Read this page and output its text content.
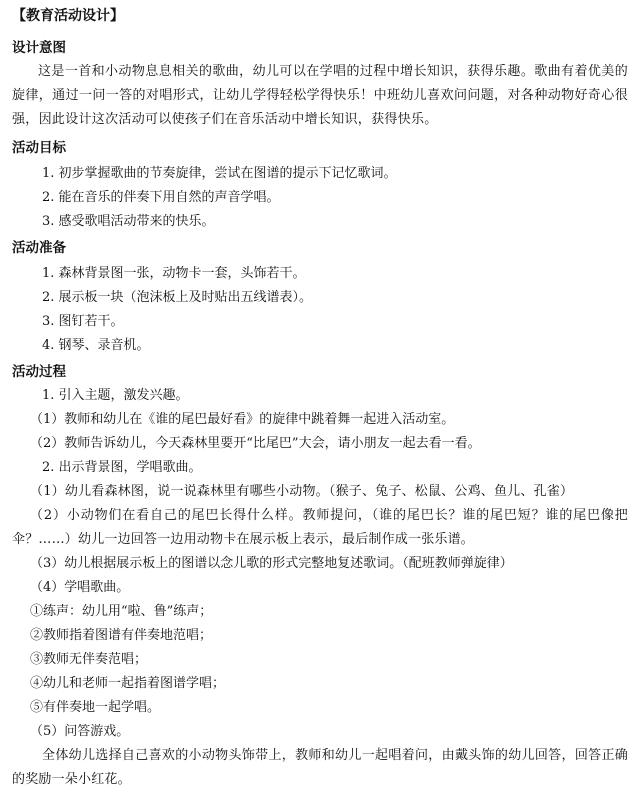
【教育活动设计】
设计意图
这是一首和小动物息息相关的歌曲，幼儿可以在学唱的过程中增长知识，获得乐趣。歌曲有着优美的旋律，通过一问一答的对唱形式，让幼儿学得轻松学得快乐！中班幼儿喜欢问问题，对各种动物好奇心很强，因此设计这次活动可以使孩子们在音乐活动中增长知识，获得快乐。
活动目标
1. 初步掌握歌曲的节奏旋律，尝试在图谱的提示下记忆歌词。
2. 能在音乐的伴奏下用自然的声音学唱。
3. 感受歌唱活动带来的快乐。
活动准备
1. 森林背景图一张，动物卡一套，头饰若干。
2. 展示板一块（泡沫板上及时贴出五线谱表）。
3. 图钉若干。
4. 钢琴、录音机。
活动过程
1. 引入主题，激发兴趣。
（1）教师和幼儿在《谁的尾巴最好看》的旋律中跳着舞一起进入活动室。
（2）教师告诉幼儿，今天森林里要开“比尾巴”大会，请小朋友一起去看一看。
2. 出示背景图，学唱歌曲。
（1）幼儿看森林图，说一说森林里有哪些小动物。（猴子、兔子、松鼠、公鸡、鱼儿、孔雀）
（2）小动物们在看自己的尾巴长得什么样。教师提问，（谁的尾巴长？谁的尾巴短？谁的尾巴像把伞？……）幼儿一边回答一边用动物卡在展示板上表示，最后制作成一张乐谱。
（3）幼儿根据展示板上的图谱以念儿歌的形式完整地复述歌词。（配班教师弹旋律）
（4）学唱歌曲。
①练声：幼儿用“啦、鲁”练声；
②教师指着图谱有伴奏地范唱；
③教师无伴奏范唱；
④幼儿和老师一起指着图谱学唱；
⑤有伴奏地一起学唱。
（5）问答游戏。
全体幼儿选择自己喜欢的小动物头饰带上，教师和幼儿一起唱着问，由戴头饰的幼儿回答，回答正确的奖励一朵小红花。
